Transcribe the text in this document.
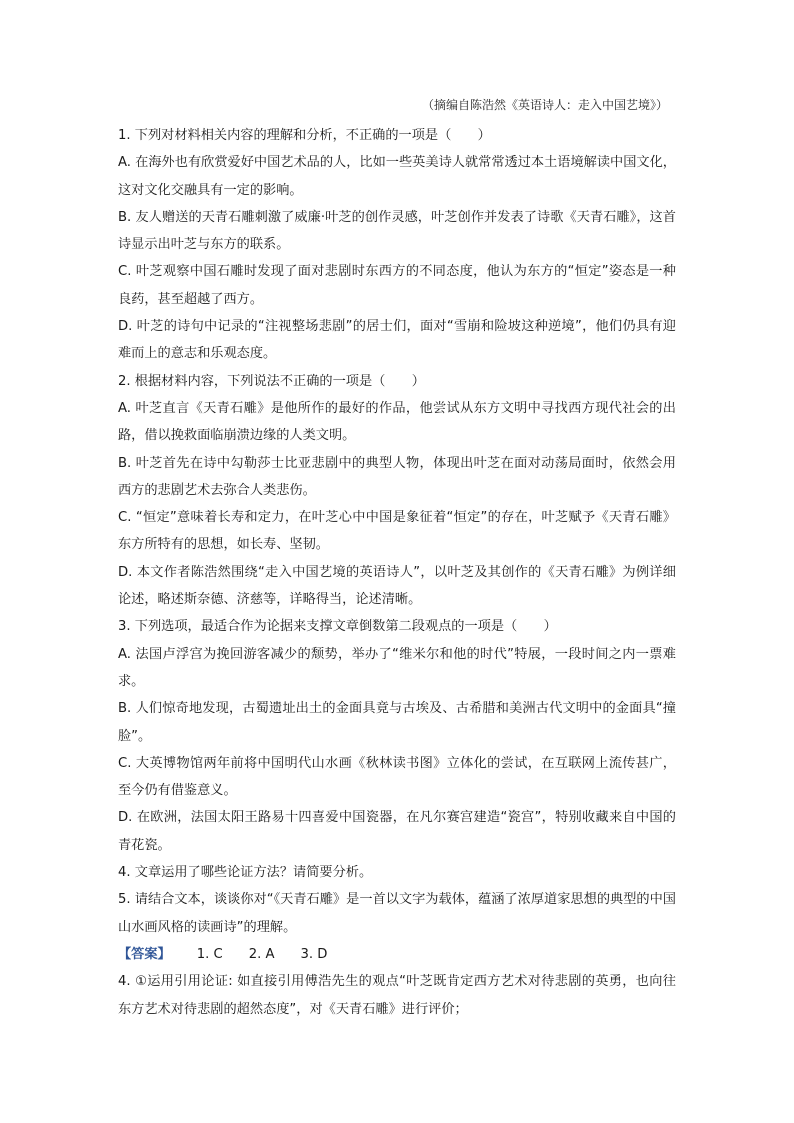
（摘编自陈浩然《英语诗人：走入中国艺境》）

1. 下列对材料相关内容的理解和分析，不正确的一项是（　　）

A. 在海外也有欣赏爱好中国艺术品的人，比如一些英美诗人就常常透过本土语境解读中国文化，这对文化交融具有一定的影响。

B. 友人赠送的天青石雕刺激了威廉·叶芝的创作灵感，叶芝创作并发表了诗歌《天青石雕》，这首诗显示出叶芝与东方的联系。

C. 叶芝观察中国石雕时发现了面对悲剧时东西方的不同态度，他认为东方的“恒定”姿态是一种良药，甚至超越了西方。

D. 叶芝的诗句中记录的“注视整场悲剧”的居士们，面对“雪崩和险坡这种逆境”，他们仍具有迎难而上的意志和乐观态度。

2. 根据材料内容，下列说法不正确的一项是（　　）

A. 叶芝直言《天青石雕》是他所作的最好的作品，他尝试从东方文明中寻找西方现代社会的出路，借以挽救面临崩溃边缘的人类文明。

B. 叶芝首先在诗中勾勒莎士比亚悲剧中的典型人物，体现出叶芝在面对动荡局面时，依然会用西方的悲剧艺术去弥合人类悲伤。

C. “恒定”意味着长寿和定力，在叶芝心中中国是象征着“恒定”的存在，叶芝赋予《天青石雕》东方所特有的思想，如长寿、坚韧。

D. 本文作者陈浩然围绕“走入中国艺境的英语诗人”，以叶芝及其创作的《天青石雕》为例详细论述，略述斯奈德、济慈等，详略得当，论述清晰。

3. 下列选项，最适合作为论据来支撑文章倒数第二段观点的一项是（　　）

A. 法国卢浮宫为挽回游客减少的颓势，举办了“维米尔和他的时代”特展，一段时间之内一票难求。

B. 人们惊奇地发现，古蜀遗址出土的金面具竟与古埃及、古希腊和美洲古代文明中的金面具“撞脸”。

C. 大英博物馆两年前将中国明代山水画《秋林读书图》立体化的尝试，在互联网上流传甚广，至今仍有借鉴意义。

D. 在欧洲，法国太阳王路易十四喜爱中国瓷器，在凡尔赛宫建造“瓷宫”，特别收藏来自中国的青花瓷。

4. 文章运用了哪些论证方法？请简要分析。

5. 请结合文本，谈谈你对“《天青石雕》是一首以文字为载体，蕴涵了浓厚道家思想的典型的中国山水画风格的读画诗”的理解。

【答案】 1. C 2. A 3. D

4. ①运用引用论证: 如直接引用傅浩先生的观点“叶芝既肯定西方艺术对待悲剧的英勇，也向往东方艺术对待悲剧的超然态度”，对《天青石雕》进行评价；
